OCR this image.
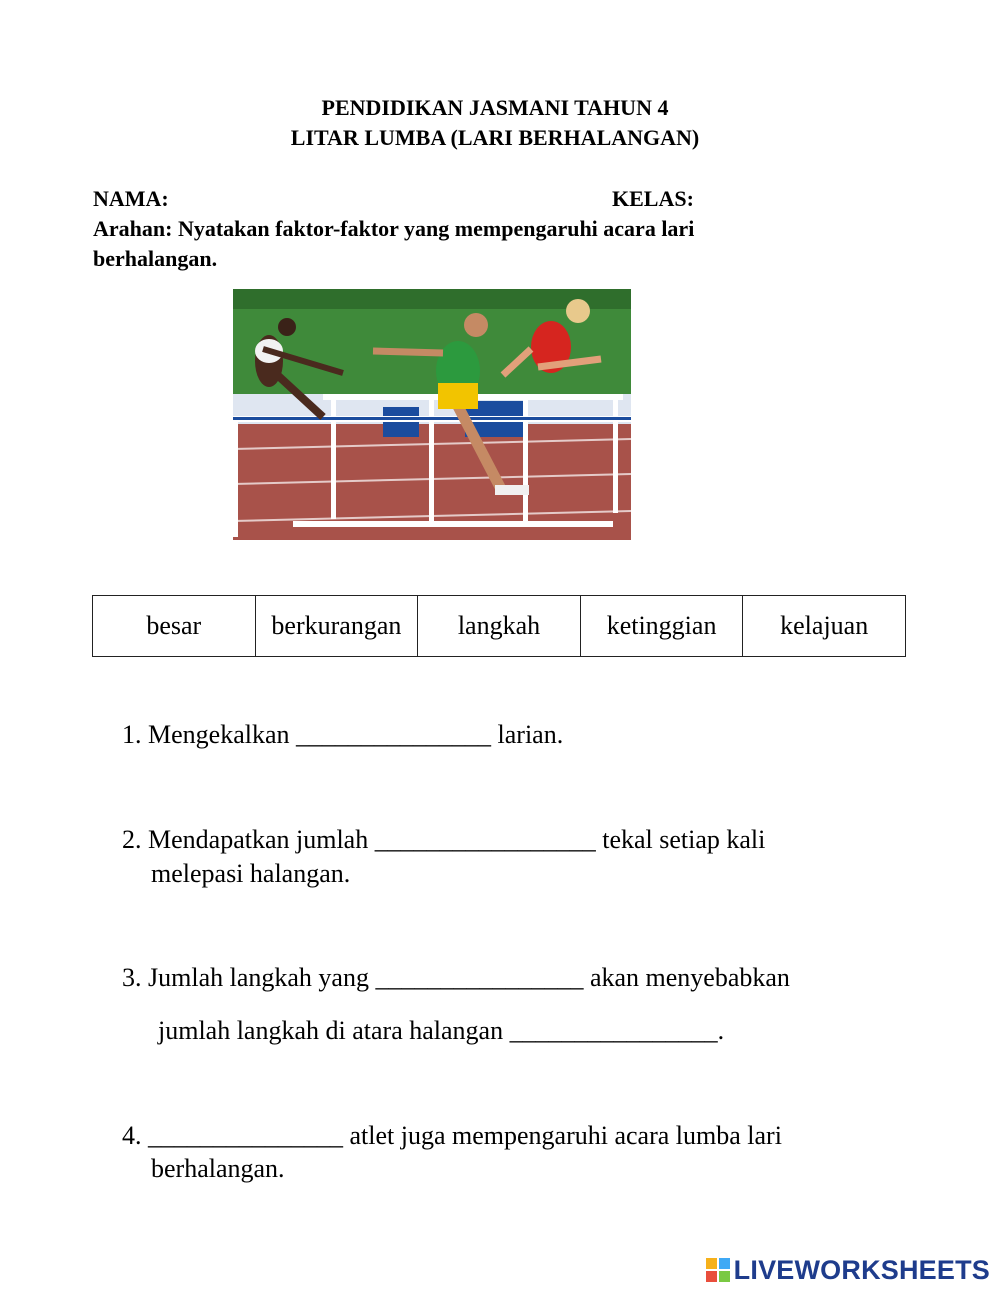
PENDIDIKAN JASMANI TAHUN 4
LITAR LUMBA (LARI BERHALANGAN)
NAMA:	KELAS:
Arahan: Nyatakan faktor-faktor yang mempengaruhi acara lari
berhalangan.
besar	berkurangan	langkah	ketinggian	kelajuan
1. Mengekalkan _______________ larian.
2. Mendapatkan jumlah _________________ tekal setiap kali
melepasi halangan.
3. Jumlah langkah yang ________________ akan menyebabkan
jumlah langkah di atara halangan ________________.
4. _______________ atlet juga mempengaruhi acara lumba lari
berhalangan.
LIVEWORKSHEETS
